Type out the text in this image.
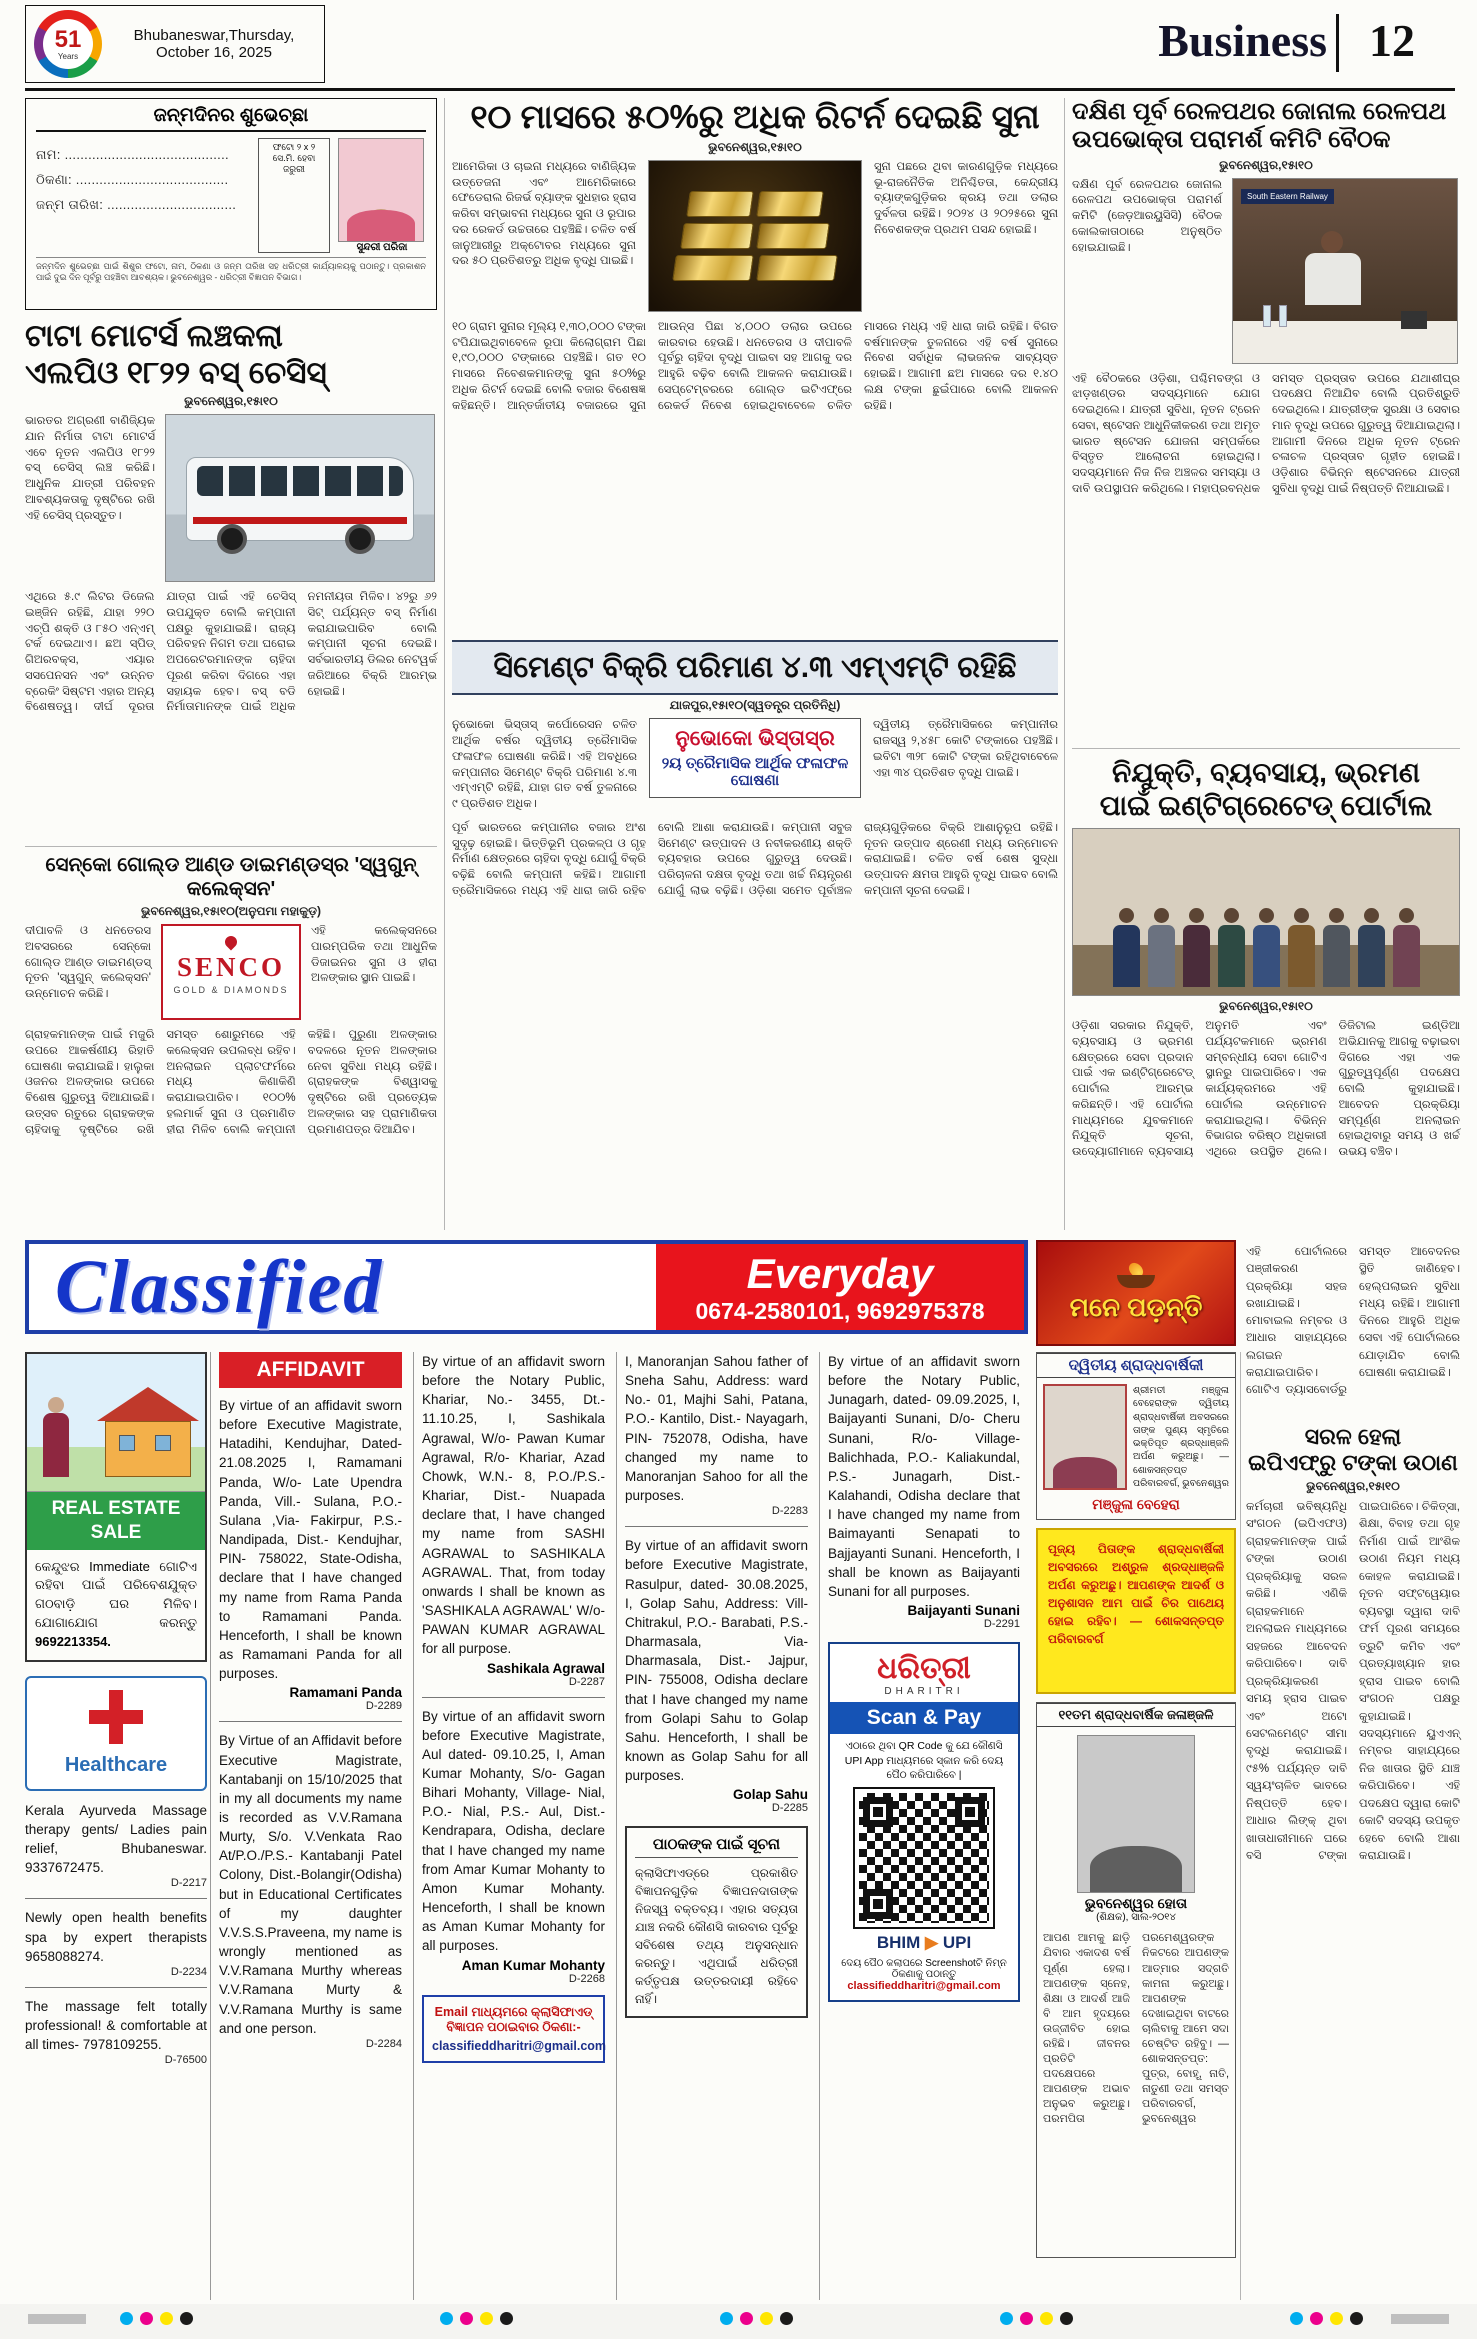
51
Years
Bhubaneswar,Thursday,
October 16, 2025	Business 12
ଜନ୍ମଦିନର ଶୁଭେଚ୍ଛା
ନାମ: ..........................................
ଠିକଣା: .......................................
ଜନ୍ମ ତାରିଖ: .................................
ଫଟୋ ୨ x ୨ ସେ.ମି. ହେବା ଜରୁରୀ
ସୁନ୍ଦରୀ ପରିଜା
ଜନ୍ମଦିନ ଶୁଭେଚ୍ଛା ପାଇଁ ଶିଶୁର ଫଟୋ, ନାମ, ଠିକଣା ଓ ଜନ୍ମ ତାରିଖ ସହ ଧରିତ୍ରୀ କାର୍ଯ୍ୟାଳୟକୁ ପଠାନ୍ତୁ। ପ୍ରକାଶନ ପାଇଁ ଦୁଇ ଦିନ ପୂର୍ବରୁ ପହଞ୍ଚିବା ଆବଶ୍ୟକ। ଭୁବନେଶ୍ୱର - ଧରିତ୍ରୀ ବିଜ୍ଞାପନ ବିଭାଗ।
ଟାଟା ମୋଟର୍ସ ଲଞ୍ଚକଲା
ଏଲପିଓ ୧୮୨୨ ବସ୍ ଚେସିସ୍
ଭୁବନେଶ୍ୱର,୧୫ା୧୦
ଭାରତର ଅଗ୍ରଣୀ ବାଣିଜ୍ୟିକ ଯାନ ନିର୍ମାତା ଟାଟା ମୋଟର୍ସ ଏବେ ନୂତନ ଏଲପିଓ ୧୮୨୨ ବସ୍ ଚେସିସ୍ ଲଞ୍ଚ କରିଛି। ଆଧୁନିକ ଯାତ୍ରୀ ପରିବହନ ଆବଶ୍ୟକତାକୁ ଦୃଷ୍ଟିରେ ରଖି ଏହି ଚେସିସ୍ ପ୍ରସ୍ତୁତ।
ଏଥିରେ ୫.୯ ଲିଟର ଡିଜେଲ ଇଞ୍ଜିନ ରହିଛି, ଯାହା ୨୨୦ ଏଚ୍‌ପି ଶକ୍ତି ଓ ୮୫୦ ଏନ୍‌ଏମ୍ ଟର୍କ ଦେଇଥାଏ। ଛଅ ସ୍ପିଡ୍ ଗିଅରବକ୍ସ, ଏୟାର ସସପେନସନ ଏବଂ ଉନ୍ନତ ବ୍ରେକିଂ ସିଷ୍ଟମ ଏହାର ଅନ୍ୟ ବିଶେଷତ୍ୱ। ଦୀର୍ଘ ଦୂରତା ଯାତ୍ରା ପାଇଁ ଏହି ଚେସିସ୍ ଉପଯୁକ୍ତ ବୋଲି କମ୍ପାନୀ ପକ୍ଷରୁ କୁହାଯାଇଛି। ରାଜ୍ୟ ପରିବହନ ନିଗମ ତଥା ଘରୋଇ ଅପରେଟରମାନଙ୍କ ଚାହିଦା ପୂରଣ କରିବା ଦିଗରେ ଏହା ସହାୟକ ହେବ। ବସ୍ ବଡି ନିର୍ମାତାମାନଙ୍କ ପାଇଁ ଅଧିକ ନମନୀୟତା ମିଳିବ। ୪୨ରୁ ୬୨ ସିଟ୍ ପର୍ଯ୍ୟନ୍ତ ବସ୍ ନିର୍ମାଣ କରାଯାଇପାରିବ ବୋଲି କମ୍ପାନୀ ସୂଚନା ଦେଇଛି। ସର୍ବଭାରତୀୟ ଡିଲର ନେଟୱର୍କ ଜରିଆରେ ବିକ୍ରି ଆରମ୍ଭ ହୋଇଛି।
ସେନ୍କୋ ଗୋଲ୍ଡ ଆଣ୍ଡ ଡାଇମଣ୍ଡସ୍ର 'ସ୍ୱଗୁନ୍ କଲେକ୍ସନ'
ଭୁବନେଶ୍ୱର,୧୫ା୧୦(ଅନୁପମା ମହାକୁଡ଼)
ଦୀପାବଳି ଓ ଧନତେରସ ଅବସରରେ ସେନ୍କୋ ଗୋଲ୍ଡ ଆଣ୍ଡ ଡାଇମଣ୍ଡସ୍ ନୂତନ 'ସ୍ୱଗୁନ୍ କଲେକ୍ସନ' ଉନ୍ମୋଚନ କରିଛି।
SENCO
GOLD & DIAMONDS
ଏହି କଲେକ୍ସନରେ ପାରମ୍ପରିକ ତଥା ଆଧୁନିକ ଡିଜାଇନର ସୁନା ଓ ହୀରା ଅଳଙ୍କାର ସ୍ଥାନ ପାଇଛି।
ଗ୍ରାହକମାନଙ୍କ ପାଇଁ ମଜୁରି ଉପରେ ଆକର୍ଷଣୀୟ ରିହାତି ଘୋଷଣା କରାଯାଇଛି। ହାଲୁକା ଓଜନର ଅଳଙ୍କାର ଉପରେ ବିଶେଷ ଗୁରୁତ୍ୱ ଦିଆଯାଇଛି। ଉତ୍ସବ ଋତୁରେ ଗ୍ରାହକଙ୍କ ଚାହିଦାକୁ ଦୃଷ୍ଟିରେ ରଖି ସମସ୍ତ ଶୋରୁମରେ ଏହି କଲେକ୍ସନ ଉପଲବ୍ଧ ରହିବ। ଅନଲାଇନ ପ୍ଲାଟଫର୍ମରେ ମଧ୍ୟ କିଣାକିଣି କରାଯାଇପାରିବ। ୧୦୦% ହଲମାର୍କ ସୁନା ଓ ପ୍ରମାଣିତ ହୀରା ମିଳିବ ବୋଲି କମ୍ପାନୀ କହିଛି। ପୁରୁଣା ଅଳଙ୍କାର ବଦଳରେ ନୂତନ ଅଳଙ୍କାର ନେବା ସୁବିଧା ମଧ୍ୟ ରହିଛି। ଗ୍ରାହକଙ୍କ ବିଶ୍ୱାସକୁ ଦୃଷ୍ଟିରେ ରଖି ପ୍ରତ୍ୟେକ ଅଳଙ୍କାର ସହ ପ୍ରାମାଣିକତା ପ୍ରମାଣପତ୍ର ଦିଆଯିବ।
୧୦ ମାସରେ ୫୦%ରୁ ଅଧିକ ରିଟର୍ନ ଦେଇଛି ସୁନା
ଭୁବନେଶ୍ୱର,୧୫ା୧୦
ଆମେରିକା ଓ ଚାଇନା ମଧ୍ୟରେ ବାଣିଜ୍ୟିକ ଉତ୍ତେଜନା ଏବଂ ଆମେରିକାରେ ଫେଡେରାଲ ରିଜର୍ଭ ବ୍ୟାଙ୍କ ସୁଧହାର ହ୍ରାସ କରିବା ସମ୍ଭାବନା ମଧ୍ୟରେ ସୁନା ଓ ରୂପାର ଦର ରେକର୍ଡ ଉଚ୍ଚତାରେ ପହଞ୍ଚିଛି। ଚଳିତ ବର୍ଷ ଜାନୁଆରୀରୁ ଅକ୍ଟୋବର ମଧ୍ୟରେ ସୁନା ଦର ୫୦ ପ୍ରତିଶତରୁ ଅଧିକ ବୃଦ୍ଧି ପାଇଛି।
ସୁନା ପଛରେ ଥିବା କାରଣଗୁଡ଼ିକ ମଧ୍ୟରେ ଭୂ-ରାଜନୈତିକ ଅନିଶ୍ଚିତତା, କେନ୍ଦ୍ରୀୟ ବ୍ୟାଙ୍କଗୁଡ଼ିକର କ୍ରୟ ତଥା ଡଲାର ଦୁର୍ବଳତା ରହିଛି। ୨୦୨୪ ଓ ୨୦୨୫ରେ ସୁନା ନିବେଶକଙ୍କ ପ୍ରଥମ ପସନ୍ଦ ହୋଇଛି।
୧୦ ଗ୍ରାମ ସୁନାର ମୂଲ୍ୟ ୧,୩୦,୦୦୦ ଟଙ୍କା ଟପିଯାଇଥିବାବେଳେ ରୂପା କିଲୋଗ୍ରାମ ପିଛା ୧,୯୦,୦୦୦ ଟଙ୍କାରେ ପହଞ୍ଚିଛି। ଗତ ୧୦ ମାସରେ ନିବେଶକମାନଙ୍କୁ ସୁନା ୫୦%ରୁ ଅଧିକ ରିଟର୍ନ ଦେଇଛି ବୋଲି ବଜାର ବିଶେଷଜ୍ଞ କହିଛନ୍ତି। ଆନ୍ତର୍ଜାତୀୟ ବଜାରରେ ସୁନା ଆଉନ୍ସ ପିଛା ୪,୦୦୦ ଡଲାର ଉପରେ କାରବାର ହେଉଛି। ଧନତେରସ ଓ ଦୀପାବଳି ପୂର୍ବରୁ ଚାହିଦା ବୃଦ୍ଧି ପାଇବା ସହ ଆଗକୁ ଦର ଆହୁରି ବଢ଼ିବ ବୋଲି ଆକଳନ କରାଯାଉଛି। ସେପ୍ଟେମ୍ବରରେ ଗୋଲ୍ଡ ଇଟିଏଫ୍‌ରେ ରେକର୍ଡ ନିବେଶ ହୋଇଥିବାବେଳେ ଚଳିତ ମାସରେ ମଧ୍ୟ ଏହି ଧାରା ଜାରି ରହିଛି। ବିଗତ ବର୍ଷମାନଙ୍କ ତୁଳନାରେ ଏହି ବର୍ଷ ସୁନାରେ ନିବେଶ ସର୍ବାଧିକ ଲାଭଜନକ ସାବ୍ୟସ୍ତ ହୋଇଛି। ଆଗାମୀ ଛଅ ମାସରେ ଦର ୧.୪୦ ଲକ୍ଷ ଟଙ୍କା ଛୁଇଁପାରେ ବୋଲି ଆକଳନ ରହିଛି।
ସିମେଣ୍ଟ ବିକ୍ରି ପରିମାଣ ୪.୩ ଏମ୍ଏମ୍ଟି ରହିଛି
ଯାଜପୁର,୧୫ା୧୦(ସ୍ୱତନ୍ତ୍ର ପ୍ରତିନିଧି)
ନୁଭୋକୋ ଭିସ୍ତାସ୍ କର୍ପୋରେସନ ଚଳିତ ଆର୍ଥିକ ବର୍ଷର ଦ୍ୱିତୀୟ ତ୍ରୈମାସିକ ଫଳାଫଳ ଘୋଷଣା କରିଛି। ଏହି ଅବଧିରେ କମ୍ପାନୀର ସିମେଣ୍ଟ ବିକ୍ରି ପରିମାଣ ୪.୩ ଏମ୍ଏମ୍ଟି ରହିଛି, ଯାହା ଗତ ବର୍ଷ ତୁଳନାରେ ୯ ପ୍ରତିଶତ ଅଧିକ।
ନୁଭୋକୋ ଭିସ୍ତାସ୍ର
୨ୟ ତ୍ରୈମାସିକ ଆର୍ଥିକ ଫଳାଫଳ ଘୋଷଣା
ଦ୍ୱିତୀୟ ତ୍ରୈମାସିକରେ କମ୍ପାନୀର ରାଜସ୍ୱ ୨,୪୫୮ କୋଟି ଟଙ୍କାରେ ପହଞ୍ଚିଛି। ଇବିଟା ୩୨୮ କୋଟି ଟଙ୍କା ରହିଥିବାବେଳେ ଏହା ୩୪ ପ୍ରତିଶତ ବୃଦ୍ଧି ପାଇଛି।
ପୂର୍ବ ଭାରତରେ କମ୍ପାନୀର ବଜାର ଅଂଶ ସୁଦୃଢ଼ ହୋଇଛି। ଭିତ୍ତିଭୂମି ପ୍ରକଳ୍ପ ଓ ଗୃହ ନିର୍ମାଣ କ୍ଷେତ୍ରରେ ଚାହିଦା ବୃଦ୍ଧି ଯୋଗୁଁ ବିକ୍ରି ବଢ଼ିଛି ବୋଲି କମ୍ପାନୀ କହିଛି। ଆଗାମୀ ତ୍ରୈମାସିକରେ ମଧ୍ୟ ଏହି ଧାରା ଜାରି ରହିବ ବୋଲି ଆଶା କରାଯାଉଛି। କମ୍ପାନୀ ସବୁଜ ସିମେଣ୍ଟ ଉତ୍ପାଦନ ଓ ନବୀକରଣୀୟ ଶକ୍ତି ବ୍ୟବହାର ଉପରେ ଗୁରୁତ୍ୱ ଦେଉଛି। ପରିଚାଳନା ଦକ୍ଷତା ବୃଦ୍ଧି ତଥା ଖର୍ଚ୍ଚ ନିୟନ୍ତ୍ରଣ ଯୋଗୁଁ ଲାଭ ବଢ଼ିଛି। ଓଡ଼ିଶା ସମେତ ପୂର୍ବାଞ୍ଚଳ ରାଜ୍ୟଗୁଡ଼ିକରେ ବିକ୍ରି ଆଶାନୁରୂପ ରହିଛି। ନୂତନ ଉତ୍ପାଦ ଶ୍ରେଣୀ ମଧ୍ୟ ଉନ୍ମୋଚନ କରାଯାଇଛି। ଚଳିତ ବର୍ଷ ଶେଷ ସୁଦ୍ଧା ଉତ୍ପାଦନ କ୍ଷମତା ଆହୁରି ବୃଦ୍ଧି ପାଇବ ବୋଲି କମ୍ପାନୀ ସୂଚନା ଦେଇଛି।
ଦକ୍ଷିଣ ପୂର୍ବ ରେଳପଥର ଜୋନାଲ ରେଳପଥ
ଉପଭୋକ୍ତା ପରାମର୍ଶ କମିଟି ବୈଠକ
ଭୁବନେଶ୍ୱର,୧୫ା୧୦
ଦକ୍ଷିଣ ପୂର୍ବ ରେଳପଥର ଜୋନାଲ ରେଳପଥ ଉପଭୋକ୍ତା ପରାମର୍ଶ କମିଟି (ଜେଡ଼ଆରୟୁସିସି) ବୈଠକ କୋଲକାତାଠାରେ ଅନୁଷ୍ଠିତ ହୋଇଯାଇଛି।
South Eastern Railway
ଏହି ବୈଠକରେ ଓଡ଼ିଶା, ପଶ୍ଚିମବଙ୍ଗ ଓ ଝାଡ଼ଖଣ୍ଡର ସଦସ୍ୟମାନେ ଯୋଗ ଦେଇଥିଲେ। ଯାତ୍ରୀ ସୁବିଧା, ନୂତନ ଟ୍ରେନ ସେବା, ଷ୍ଟେସନ ଆଧୁନିକୀକରଣ ତଥା ଅମୃତ ଭାରତ ଷ୍ଟେସନ ଯୋଜନା ସମ୍ପର୍କରେ ବିସ୍ତୃତ ଆଲୋଚନା ହୋଇଥିଲା। ସଦସ୍ୟମାନେ ନିଜ ନିଜ ଅଞ୍ଚଳର ସମସ୍ୟା ଓ ଦାବି ଉପସ୍ଥାପନ କରିଥିଲେ। ମହାପ୍ରବନ୍ଧକ ସମସ୍ତ ପ୍ରସ୍ତାବ ଉପରେ ଯଥାଶୀଘ୍ର ପଦକ୍ଷେପ ନିଆଯିବ ବୋଲି ପ୍ରତିଶ୍ରୁତି ଦେଇଥିଲେ। ଯାତ୍ରୀଙ୍କ ସୁରକ୍ଷା ଓ ସେବାର ମାନ ବୃଦ୍ଧି ଉପରେ ଗୁରୁତ୍ୱ ଦିଆଯାଇଥିଲା। ଆଗାମୀ ଦିନରେ ଅଧିକ ନୂତନ ଟ୍ରେନ ଚଳାଚଳ ପ୍ରସ୍ତାବ ଗୃହୀତ ହୋଇଛି। ଓଡ଼ିଶାର ବିଭିନ୍ନ ଷ୍ଟେସନରେ ଯାତ୍ରୀ ସୁବିଧା ବୃଦ୍ଧି ପାଇଁ ନିଷ୍ପତ୍ତି ନିଆଯାଇଛି।
ନିଯୁକ୍ତି, ବ୍ୟବସାୟ, ଭ୍ରମଣ
ପାଇଁ ଇଣ୍ଟିଗ୍ରେଟେଡ୍ ପୋର୍ଟାଲ
ଭୁବନେଶ୍ୱର,୧୫ା୧୦
ଓଡ଼ିଶା ସରକାର ନିଯୁକ୍ତି, ବ୍ୟବସାୟ ଓ ଭ୍ରମଣ କ୍ଷେତ୍ରରେ ସେବା ପ୍ରଦାନ ପାଇଁ ଏକ ଇଣ୍ଟିଗ୍ରେଟେଡ୍ ପୋର୍ଟାଲ ଆରମ୍ଭ କରିଛନ୍ତି। ଏହି ପୋର୍ଟାଲ ମାଧ୍ୟମରେ ଯୁବକମାନେ ନିଯୁକ୍ତି ସୂଚନା, ଉଦ୍ୟୋଗୀମାନେ ବ୍ୟବସାୟ ଅନୁମତି ଏବଂ ପର୍ଯ୍ୟଟକମାନେ ଭ୍ରମଣ ସମ୍ବନ୍ଧୀୟ ସେବା ଗୋଟିଏ ସ୍ଥାନରୁ ପାଇପାରିବେ। ଏକ କାର୍ଯ୍ୟକ୍ରମରେ ଏହି ପୋର୍ଟାଲ ଉନ୍ମୋଚନ କରାଯାଇଥିଲା। ବିଭିନ୍ନ ବିଭାଗର ବରିଷ୍ଠ ଅଧିକାରୀ ଏଥିରେ ଉପସ୍ଥିତ ଥିଲେ। ଡିଜିଟାଲ ଇଣ୍ଡିଆ ଅଭିଯାନକୁ ଆଗକୁ ବଢ଼ାଇବା ଦିଗରେ ଏହା ଏକ ଗୁରୁତ୍ୱପୂର୍ଣ୍ଣ ପଦକ୍ଷେପ ବୋଲି କୁହାଯାଇଛି। ଆବେଦନ ପ୍ରକ୍ରିୟା ସମ୍ପୂର୍ଣ୍ଣ ଅନଲାଇନ ହୋଇଥିବାରୁ ସମୟ ଓ ଖର୍ଚ୍ଚ ଉଭୟ ବଞ୍ଚିବ।
Classified	Everyday
0674-2580101, 9692975378	ମନେ ପଡ଼ନ୍ତି
ଏହି ପୋର୍ଟାଲରେ ପଞ୍ଜୀକରଣ ପ୍ରକ୍ରିୟା ସହଜ ରଖାଯାଇଛି। ମୋବାଇଲ ନମ୍ବର ଓ ଆଧାର ସାହାଯ୍ୟରେ ଲଗଇନ କରାଯାଇପାରିବ। ଗୋଟିଏ ଡ୍ୟାସବୋର୍ଡରୁ ସମସ୍ତ ଆବେଦନର ସ୍ଥିତି ଜାଣିହେବ। ହେଲ୍ପଲାଇନ ସୁବିଧା ମଧ୍ୟ ରହିଛି। ଆଗାମୀ ଦିନରେ ଆହୁରି ଅଧିକ ସେବା ଏହି ପୋର୍ଟାଲରେ ଯୋଡ଼ାଯିବ ବୋଲି ଘୋଷଣା କରାଯାଇଛି।
ସରଳ ହେଲା
ଇପିଏଫ୍‌ରୁ ଟଙ୍କା ଉଠାଣ
ଭୁବନେଶ୍ୱର,୧୫ା୧୦
କର୍ମଚାରୀ ଭବିଷ୍ୟନିଧି ସଂଗଠନ (ଇପିଏଫଓ) ଗ୍ରାହକମାନଙ୍କ ପାଇଁ ଟଙ୍କା ଉଠାଣ ପ୍ରକ୍ରିୟାକୁ ସରଳ କରିଛି। ଏଣିକି ଗ୍ରାହକମାନେ ଅନଲାଇନ ମାଧ୍ୟମରେ ସହଜରେ ଆବେଦନ କରିପାରିବେ। ଦାବି ପ୍ରକ୍ରିୟାକରଣ ସମୟ ହ୍ରାସ ପାଇବ ଏବଂ ଅଟୋ ସେଟଲମେଣ୍ଟ ସୀମା ବୃଦ୍ଧି କରାଯାଇଛି। ୯୫% ପର୍ଯ୍ୟନ୍ତ ଦାବି ସ୍ୱୟଂଚାଳିତ ଭାବରେ ନିଷ୍ପତ୍ତି ହେବ। ଆଧାର ଲିଙ୍କ୍ ଥିବା ଖାତାଧାରୀମାନେ ଘରେ ବସି ଟଙ୍କା ପାଇପାରିବେ। ଚିକିତ୍ସା, ଶିକ୍ଷା, ବିବାହ ତଥା ଗୃହ ନିର୍ମାଣ ପାଇଁ ଆଂଶିକ ଉଠାଣ ନିୟମ ମଧ୍ୟ କୋହଳ କରାଯାଇଛି। ନୂତନ ସଫ୍ଟୱେୟାର ବ୍ୟବସ୍ଥା ଦ୍ୱାରା ଦାବି ଫର୍ମ ପୂରଣ ସମୟରେ ତ୍ରୁଟି କମିବ ଏବଂ ପ୍ରତ୍ୟାଖ୍ୟାନ ହାର ହ୍ରାସ ପାଇବ ବୋଲି ସଂଗଠନ ପକ୍ଷରୁ କୁହାଯାଇଛି। ସଦସ୍ୟମାନେ ୟୁଏଏନ୍ ନମ୍ବର ସାହାଯ୍ୟରେ ନିଜ ଖାତାର ସ୍ଥିତି ଯାଞ୍ଚ କରିପାରିବେ। ଏହି ପଦକ୍ଷେପ ଦ୍ୱାରା କୋଟି କୋଟି ସଦସ୍ୟ ଉପକୃତ ହେବେ ବୋଲି ଆଶା କରାଯାଉଛି।
ଦ୍ୱିତୀୟ ଶ୍ରାଦ୍ଧବାର୍ଷିକୀ
ଶ୍ରୀମତୀ ମଞ୍ଜୁଳା ବେହେରାଙ୍କ ଦ୍ୱିତୀୟ ଶ୍ରାଦ୍ଧବାର୍ଷିକୀ ଅବସରରେ ତାଙ୍କ ପୁଣ୍ୟ ସ୍ମୃତିରେ ଭକ୍ତିପୂତ ଶ୍ରଦ୍ଧାଞ୍ଜଳି ଅର୍ପଣ କରୁଅଛୁ। — ଶୋକସନ୍ତପ୍ତ ପରିବାରବର୍ଗ, ଭୁବନେଶ୍ୱର
ମଞ୍ଜୁଳା ବେହେରା
ପୂଜ୍ୟ ପିତାଙ୍କ ଶ୍ରାଦ୍ଧବାର୍ଷିକୀ ଅବସରରେ ଅଶ୍ରୁଳ ଶ୍ରଦ୍ଧାଞ୍ଜଳି ଅର୍ପଣ କରୁଅଛୁ। ଆପଣଙ୍କ ଆଦର୍ଶ ଓ ଅନୁଶାସନ ଆମ ପାଇଁ ଚିର ପାଥେୟ ହୋଇ ରହିବ। — ଶୋକସନ୍ତପ୍ତ ପରିବାରବର୍ଗ
୧୧ତମ ଶ୍ରାଦ୍ଧବାର୍ଷିକ ଜଳାଞ୍ଜଳି
ଭୁବନେଶ୍ୱର ହୋତା
(ଶିକ୍ଷକ), ସାଲ-୨୦୧୪
ଆପଣ ଆମକୁ ଛାଡ଼ି ଯିବାର ଏକାଦଶ ବର୍ଷ ପୂର୍ଣ୍ଣ ହେଲା। ଆପଣଙ୍କ ସ୍ନେହ, ଶିକ୍ଷା ଓ ଆଦର୍ଶ ଆଜି ବି ଆମ ହୃଦୟରେ ଉଜ୍ଜୀବିତ ହୋଇ ରହିଛି। ଜୀବନର ପ୍ରତିଟି ପଦକ୍ଷେପରେ ଆପଣଙ୍କ ଅଭାବ ଅନୁଭବ କରୁଅଛୁ। ପରମପିତା ପରମେଶ୍ୱରଙ୍କ ନିକଟରେ ଆପଣଙ୍କ ଆତ୍ମାର ସଦ୍‌ଗତି କାମନା କରୁଅଛୁ। ଆପଣଙ୍କ ଦେଖାଇଥିବା ବାଟରେ ଚାଲିବାକୁ ଆମେ ସଦା ଚେଷ୍ଟିତ ରହିବୁ। — ଶୋକସନ୍ତପ୍ତ: ପୁତ୍ର, ବୋହୂ, ନାତି, ନାତୁଣୀ ତଥା ସମସ୍ତ ପରିବାରବର୍ଗ, ଭୁବନେଶ୍ୱର
REAL ESTATE
SALE
କେନ୍ଦୁଝର Immediate ଗୋଟିଏ ରହିବା ପାଇଁ ପରିବେଶଯୁକ୍ତ ଗଠବାଡ଼ି ଘର ମିଳିବ। ଯୋଗାଯୋଗ କରନ୍ତୁ 9692213354.
Healthcare
Kerala Ayurveda Massage therapy gents/ Ladies pain relief, Bhubaneswar. 9337672475.
D-2217
Newly open health benefits spa by expert therapists 9658088274.
D-2234
The massage felt totally professional! & comfortable at all times- 7978109255.
D-76500
AFFIDAVIT
By virtue of an affidavit sworn before Executive Magistrate, Hatadihi, Kendujhar, Dated- 21.08.2025 I, Ramamani Panda, W/o- Late Upendra Panda, Vill.- Sulana, P.O.-Sulana ,Via- Fakirpur, P.S.- Nandipada, Dist.- Kendujhar, PIN- 758022, State-Odisha, declare that I have changed my name from Rama Panda to Ramamani Panda. Henceforth, I shall be known as Ramamani Panda for all purposes.
Ramamani Panda
D-2289
By Virtue of an Affidavit before Executive Magistrate, Kantabanji on 15/10/2025 that in my all documents my name is recorded as V.V.Ramana Murty, S/o. V.Venkata Rao At/P.O./P.S.- Kantabanji Patel Colony, Dist.-Bolangir(Odisha) but in Educational Certificates of my daughter V.V.S.S.Praveena, my name is wrongly mentioned as V.V.Ramana Murthy whereas V.V.Ramana Murty & V.V.Ramana Murthy is same and one person.
D-2284
By virtue of an affidavit sworn before the Notary Public, Khariar, No.- 3455, Dt.- 11.10.25, I, Sashikala Agrawal, W/o- Pawan Kumar Agrawal, R/o- Khariar, Azad Chowk, W.N.- 8, P.O./P.S.- Khariar, Dist.- Nuapada declare that, I have changed my name from SASHI AGRAWAL to SASHIKALA AGRAWAL. That, from today onwards I shall be known as 'SASHIKALA AGRAWAL' W/o- PAWAN KUMAR AGRAWAL for all purpose.
Sashikala Agrawal
D-2287
By virtue of an affidavit sworn before Executive Magistrate, Aul dated- 09.10.25, I, Aman Kumar Mohanty, S/o- Gagan Bihari Mohanty, Village- Nial, P.O.- Nial, P.S.- Aul, Dist.- Kendrapara, Odisha, declare that I have changed my name from Amar Kumar Mohanty to Amon Kumar Mohanty. Henceforth, I shall be known as Aman Kumar Mohanty for all purposes.
Aman Kumar Mohanty
D-2268
Email ମାଧ୍ୟମରେ କ୍ଲାସିଫାଏଡ୍ ବିଜ୍ଞାପନ ପଠାଇବାର ଠିକଣା:-
classifieddharitri@gmail.com
I, Manoranjan Sahou father of Sneha Sahu, Address: ward No.- 01, Majhi Sahi, Patana, P.O.- Kantilo, Dist.- Nayagarh, PIN- 752078, Odisha, have changed my name to Manoranjan Sahoo for all the purposes.
D-2283
By virtue of an affidavit sworn before Executive Magistrate, Rasulpur, dated- 30.08.2025, I, Golap Sahu, Address: Vill- Chitrakul, P.O.- Barabati, P.S.- Dharmasala, Via- Dharmasala, Dist.- Jajpur, PIN- 755008, Odisha declare that I have changed my name from Golapi Sahu to Golap Sahu. Henceforth, I shall be known as Golap Sahu for all purposes.
Golap Sahu
D-2285
ପାଠକଙ୍କ ପାଇଁ ସୂଚନା
କ୍ଲାସିଫାଏଡ୍‌ରେ ପ୍ରକାଶିତ ବିଜ୍ଞାପନଗୁଡ଼ିକ ବିଜ୍ଞାପନଦାତାଙ୍କ ନିଜସ୍ୱ ବକ୍ତବ୍ୟ। ଏହାର ସତ୍ୟତା ଯାଞ୍ଚ ନକରି କୌଣସି କାରବାର ପୂର୍ବରୁ ସବିଶେଷ ତଥ୍ୟ ଅନୁସନ୍ଧାନ କରନ୍ତୁ। ଏଥିପାଇଁ ଧରିତ୍ରୀ କର୍ତ୍ତୃପକ୍ଷ ଉତ୍ତରଦାୟୀ ରହିବେ ନାହିଁ।
By virtue of an affidavit sworn before the Notary Public, Junagarh, dated- 09.09.2025, I, Baijayanti Sunani, D/o- Cheru Sunani, R/o- Village- Balichhada, P.O.- Kaliakundal, P.S.- Junagarh, Dist.- Kalahandi, Odisha declare that I have changed my name from Baimayanti Senapati to Bajjayanti Sunani. Henceforth, I shall be known as Baijayanti Sunani for all purposes.
Baijayanti Sunani
D-2291
ଧରିତ୍ରୀ
DHARITRI
Scan & Pay
ଏଠାରେ ଥିବା QR Code କୁ ଯେ କୌଣସି UPI App ମାଧ୍ୟମରେ ସ୍କାନ କରି ଦେୟ ପୈଠ କରିପାରିବେ |
BHIM ▶ UPI
ଦେୟ ପୈଠ କଲାପରେ Screenshotଟି ନିମ୍ନ ଠିକଣାକୁ ପଠାନ୍ତୁ
classifieddharitri@gmail.com
